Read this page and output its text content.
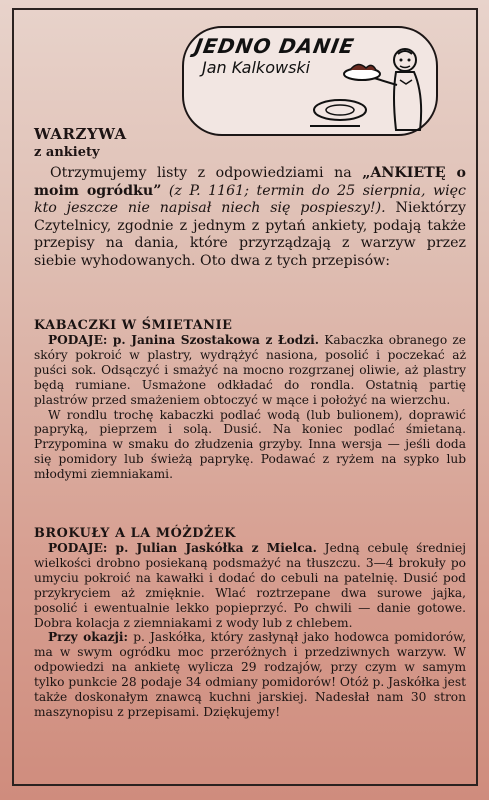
JEDNO DANIE
Jan Kalkowski
WARZYWA
z ankiety
Otrzymujemy listy z odpowiedziami na „ANKIETĘ o moim ogródku” (z P. 1161; termin do 25 sierpnia, więc kto jeszcze nie napisał niech się pospieszy!). Niektórzy Czytelnicy, zgodnie z jednym z pytań ankiety, podają także przepisy na dania, które przyrządzają z warzyw przez siebie wyhodowanych. Oto dwa z tych przepisów:
KABACZKI W ŚMIETANIE
PODAJE: p. Janina Szostakowa z Łodzi. Kabaczka obranego ze skóry pokroić w plastry, wydrążyć nasiona, posolić i poczekać aż puści sok. Odsączyć i smażyć na mocno rozgrzanej oliwie, aż plastry będą rumiane. Usmażone odkładać do rondla. Ostatnią partię plastrów przed smażeniem obtoczyć w mące i położyć na wierzchu.
W rondlu trochę kabaczki podlać wodą (lub bulionem), doprawić papryką, pieprzem i solą. Dusić. Na koniec podlać śmietaną. Przypomina w smaku do złudzenia grzyby. Inna wersja — jeśli doda się pomidory lub świeżą paprykę. Podawać z ryżem na sypko lub młodymi ziemniakami.
BROKUŁY A LA MÓŻDŻEK
PODAJE: p. Julian Jaskółka z Mielca. Jedną cebulę średniej wielkości drobno posiekaną podsmażyć na tłuszczu. 3—4 brokuły po umyciu pokroić na kawałki i dodać do cebuli na patelnię. Dusić pod przykryciem aż zmięknie. Wlać roztrzepane dwa surowe jajka, posolić i ewentualnie lekko popieprzyć. Po chwili — danie gotowe. Dobra kolacja z ziemniakami z wody lub z chlebem.
Przy okazji: p. Jaskółka, który zasłynął jako hodowca pomidorów, ma w swym ogródku moc przeróżnych i przedziwnych warzyw. W odpowiedzi na ankietę wylicza 29 rodzajów, przy czym w samym tylko punkcie 28 podaje 34 odmiany pomidorów! Otóż p. Jaskółka jest także doskonałym znawcą kuchni jarskiej. Nadesłał nam 30 stron maszynopisu z przepisami. Dziękujemy!
